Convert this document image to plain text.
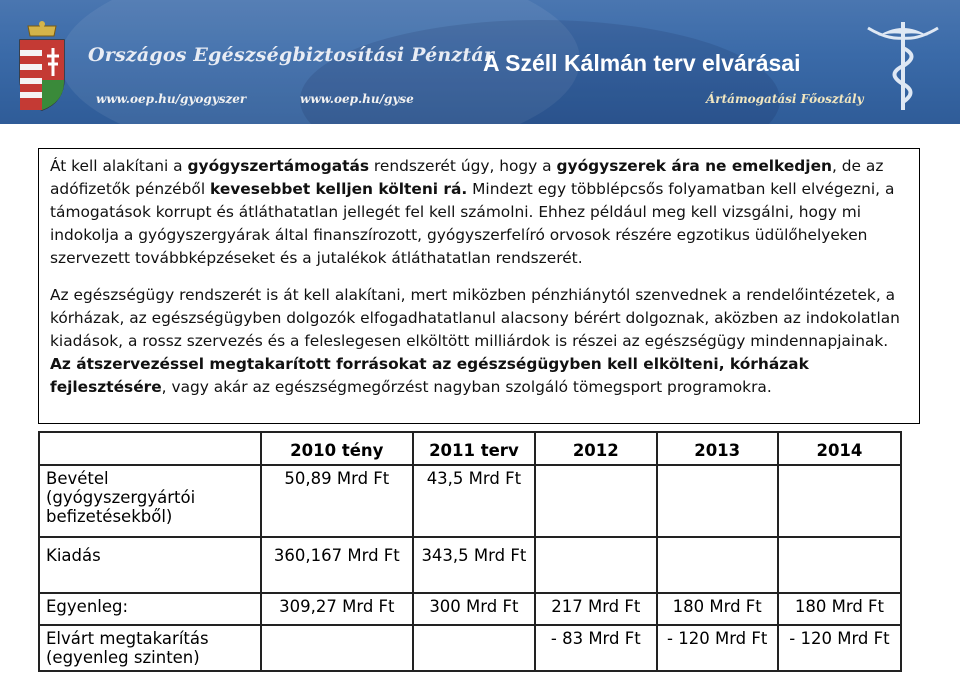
Országos Egészségbiztosítási Pénztár
www.oep.hu/gyogyszer	www.oep.hu/gyse
A Széll Kálmán terv elvárásai
Ártámogatási Főosztály

Át kell alakítani a gyógyszertámogatás rendszerét úgy, hogy a gyógyszerek ára ne emelkedjen, de az adófizetők pénzéből kevesebbet kelljen költeni rá. Mindezt egy többlépcsős folyamatban kell elvégezni, a támogatások korrupt és átláthatatlan jellegét fel kell számolni. Ehhez például meg kell vizsgálni, hogy mi indokolja a gyógyszergyárak által finanszírozott, gyógyszerfelíró orvosok részére egzotikus üdülőhelyeken szervezett továbbképzéseket és a jutalékok átláthatatlan rendszerét.

Az egészségügy rendszerét is át kell alakítani, mert miközben pénzhiánytól szenvednek a rendelőintézetek, a kórházak, az egészségügyben dolgozók elfogadhatatlanul alacsony bérért dolgoznak, aközben az indokolatlan kiadások, a rossz szervezés és a feleslegesen elköltött milliárdok is részei az egészségügy mindennapjainak. Az átszervezéssel megtakarított forrásokat az egészségügyben kell elkölteni, kórházak fejlesztésére, vagy akár az egészségmegőrzést nagyban szolgáló tömegsport programokra.

	2010 tény	2011 terv	2012	2013	2014
Bevétel (gyógyszergyártói befizetésekből)	50,89 Mrd Ft	43,5 Mrd Ft			
Kiadás	360,167 Mrd Ft	343,5 Mrd Ft			
Egyenleg:	309,27 Mrd Ft	300 Mrd Ft	217 Mrd Ft	180 Mrd Ft	180 Mrd Ft
Elvárt megtakarítás (egyenleg szinten)			- 83 Mrd Ft	- 120 Mrd Ft	- 120 Mrd Ft
